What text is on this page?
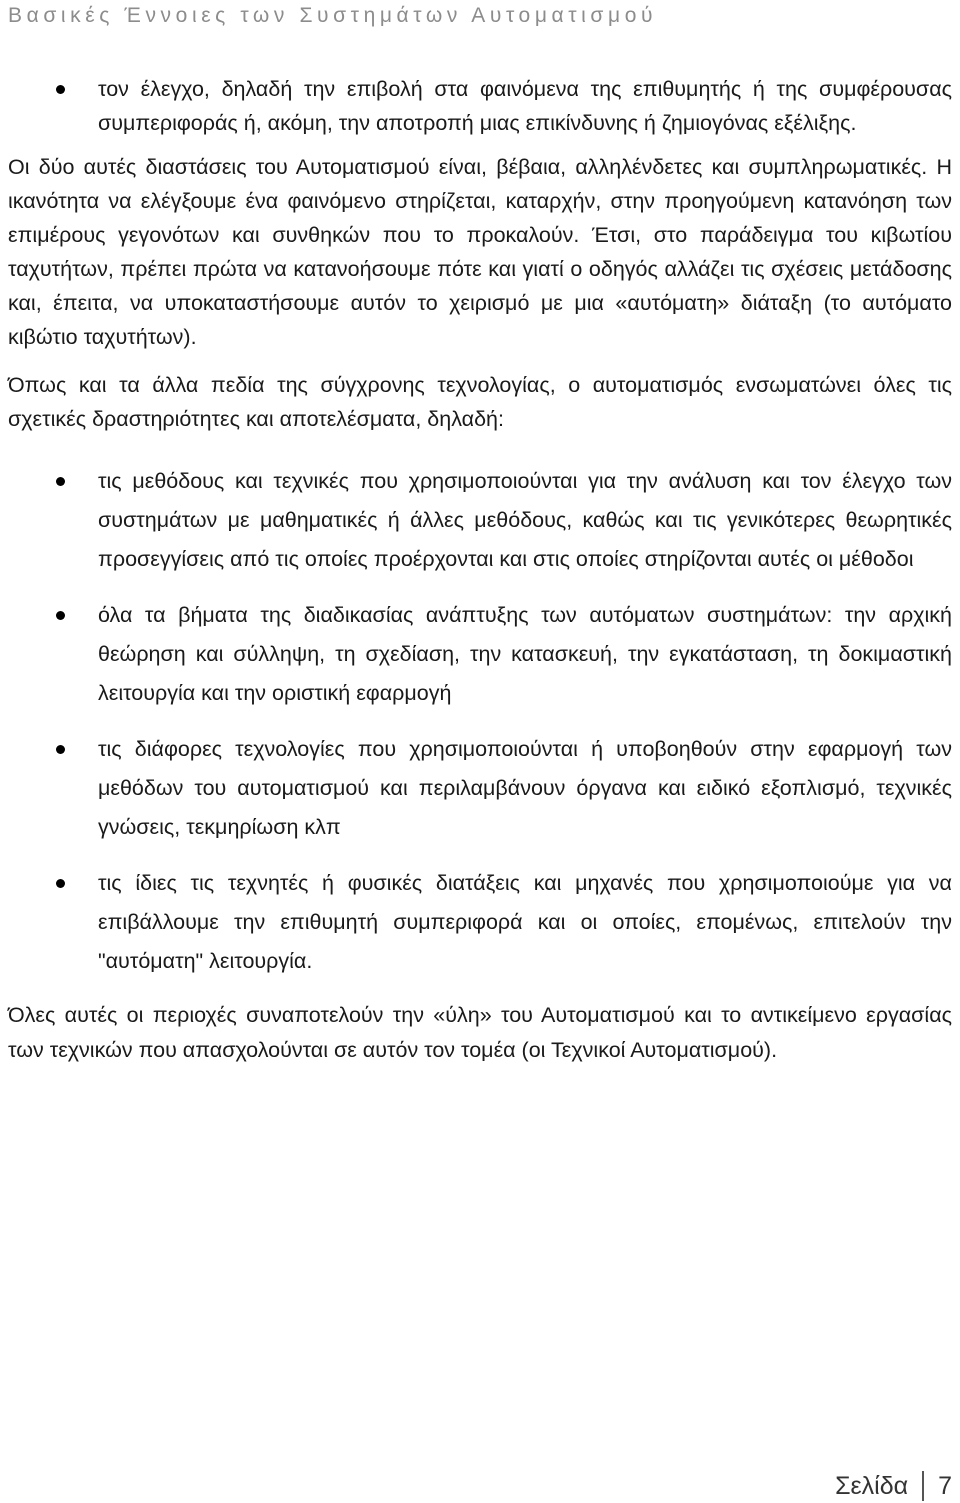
Βασικές Έννοιες των Συστημάτων Αυτοματισμού
τον έλεγχο, δηλαδή την επιβολή στα φαινόμενα της επιθυμητής ή της συμφέρουσας συμπεριφοράς ή, ακόμη, την αποτροπή μιας επικίνδυνης ή ζημιογόνας εξέλιξης.

Οι δύο αυτές διαστάσεις του Αυτοματισμού είναι, βέβαια, αλληλένδετες και συμπληρωματικές. Η ικανότητα να ελέγξουμε ένα φαινόμενο στηρίζεται, καταρχήν, στην προηγούμενη κατανόηση των επιμέρους γεγονότων και συνθηκών που το προκαλούν. Έτσι, στο παράδειγμα του κιβωτίου ταχυτήτων, πρέπει πρώτα να κατανοήσουμε πότε και γιατί ο οδηγός αλλάζει τις σχέσεις μετάδοσης και, έπειτα, να υποκαταστήσουμε αυτόν το χειρισμό με μια «αυτόματη» διάταξη (το αυτόματο κιβώτιο ταχυτήτων).

Όπως και τα άλλα πεδία της σύγχρονης τεχνολογίας, ο αυτοματισμός ενσωματώνει όλες τις σχετικές δραστηριότητες και αποτελέσματα, δηλαδή:

τις μεθόδους και τεχνικές που χρησιμοποιούνται για την ανάλυση και τον έλεγχο των συστημάτων με μαθηματικές ή άλλες μεθόδους, καθώς και τις γενικότερες θεωρητικές προσεγγίσεις από τις οποίες προέρχονται και στις οποίες στηρίζονται αυτές οι μέθοδοι
όλα τα βήματα της διαδικασίας ανάπτυξης των αυτόματων συστημάτων: την αρχική θεώρηση και σύλληψη, τη σχεδίαση, την κατασκευή, την εγκατάσταση, τη δοκιμαστική λειτουργία και την οριστική εφαρμογή
τις διάφορες τεχνολογίες που χρησιμοποιούνται ή υποβοηθούν στην εφαρμογή των μεθόδων του αυτοματισμού και περιλαμβάνουν όργανα και ειδικό εξοπλισμό, τεχνικές γνώσεις, τεκμηρίωση κλπ
τις ίδιες τις τεχνητές ή φυσικές διατάξεις και μηχανές που χρησιμοποιούμε για να επιβάλλουμε την επιθυμητή συμπεριφορά και οι οποίες, επομένως, επιτελούν την "αυτόματη" λειτουργία.

Όλες αυτές οι περιοχές συναποτελούν την «ύλη» του Αυτοματισμού και το αντικείμενο εργασίας των τεχνικών που απασχολούνται σε αυτόν τον τομέα (οι Τεχνικοί Αυτοματισμού).

Σελίδα 7
